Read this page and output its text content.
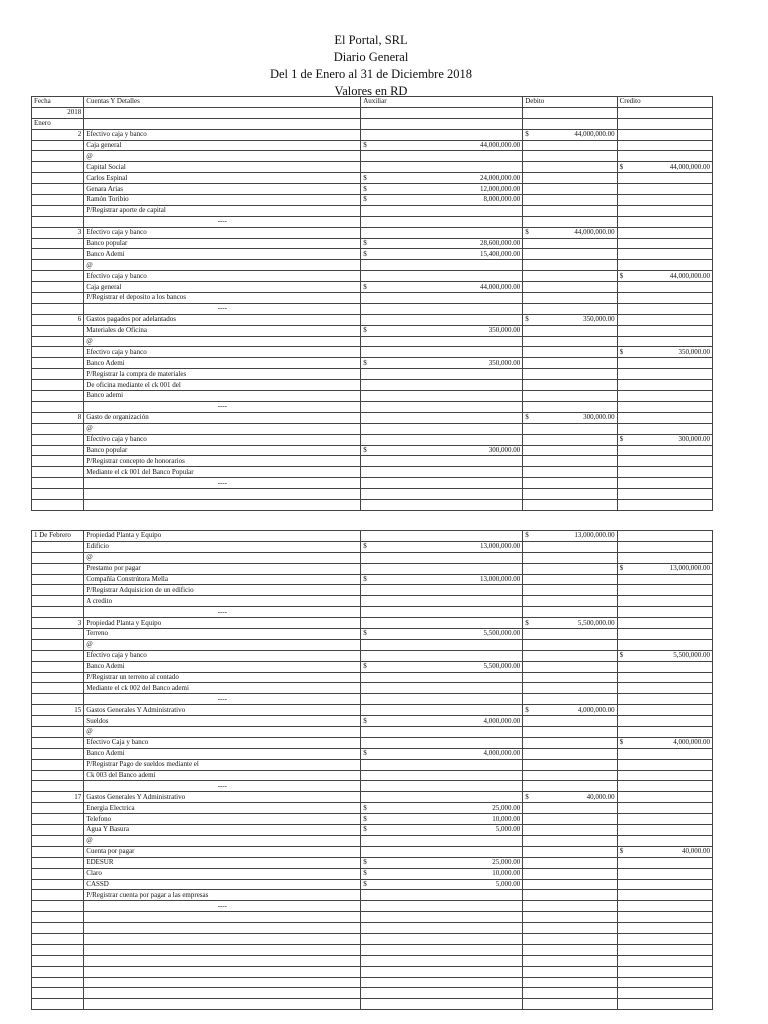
El Portal, SRL
Diario General
Del 1 de Enero al 31 de Diciembre 2018
Valores en RD
Fecha	Cuentas Y Detalles	Auxiliar	Debito	Credito
2018				
Enero				
2	Efectivo caja y banco		$ 44,000,000.00	

	Caja general	$ 44,000,000.00		

	@			
	Capital Social			$ 44,000,000.00

	Carlos Espinal	$ 24,000,000.00		

	Genara Arias	$ 12,000,000.00		

	Ramón Toribio	$ 8,000,000.00		

	P/Registrar aporte de capital			
	----			
3	Efectivo caja y banco		$ 44,000,000.00	

	Banco popular	$ 28,600,000.00		

	Banco Ademi	$ 15,400,000.00		

	@			
	Efectivo caja y banco			$ 44,000,000.00

	Caja general	$ 44,000,000.00		

	P/Registrar el deposito a los bancos			
	----			
6	Gastos pagados por adelantados		$ 350,000.00	

	Materiales de Oficina	$ 350,000.00		

	@			
	Efectivo caja y banco			$ 350,000.00

	Banco Ademi	$ 350,000.00		

	P/Registrar la compra de materiales			
	De oficina mediante el ck 001 del			
	Banco ademi			
	----			
8	Gasto de organización		$ 300,000.00	

	@			
	Efectivo caja y banco			$ 300,000.00

	Banco popular	$ 300,000.00		

	P/Registrar concepto de honorarios			
	Mediante el ck 001 del Banco Popular			
	----			

1 De Febrero	Propiedad Planta y Equipo		$ 13,000,000.00	

	Edificio	$ 13,000,000.00		

	@			
	Prestamo por pagar			$ 13,000,000.00

	Compañía Constrútora Mella	$ 13,000,000.00		

	P/Registrar Adquisicion de un edificio			
	A credito			
	----			
3	Propiedad Planta y Equipo		$ 5,500,000.00	

	Terreno	$ 5,500,000.00		

	@			
	Efectivo caja y banco			$ 5,500,000.00

	Banco Ademi	$ 5,500,000.00		

	P/Registrar un terreno al contado			
	Mediante el ck 002 del Banco ademi			
	----			
15	Gastos Generales Y Administrativo		$ 4,000,000.00	

	Sueldos	$ 4,000,000.00		

	@			
	Efectivo Caja y banco			$ 4,000,000.00

	Banco Ademi	$ 4,000,000.00		

	P/Registrar Pago de sueldos mediante el			
	Ck 003 del Banco ademi			
	----			
17	Gastos Generales Y Administrativo		$ 40,000.00	

	Energia Electrica	$ 25,000.00		

	Telefono	$ 10,000.00		

	Agua Y Basura	$ 5,000.00		

	@			
	Cuenta por pagar			$ 40,000.00

	EDESUR	$ 25,000.00		

	Claro	$ 10,000.00		

	CASSD	$ 5,000.00		

	P/Registrar cuenta por pagar a las empresas			
	----			
